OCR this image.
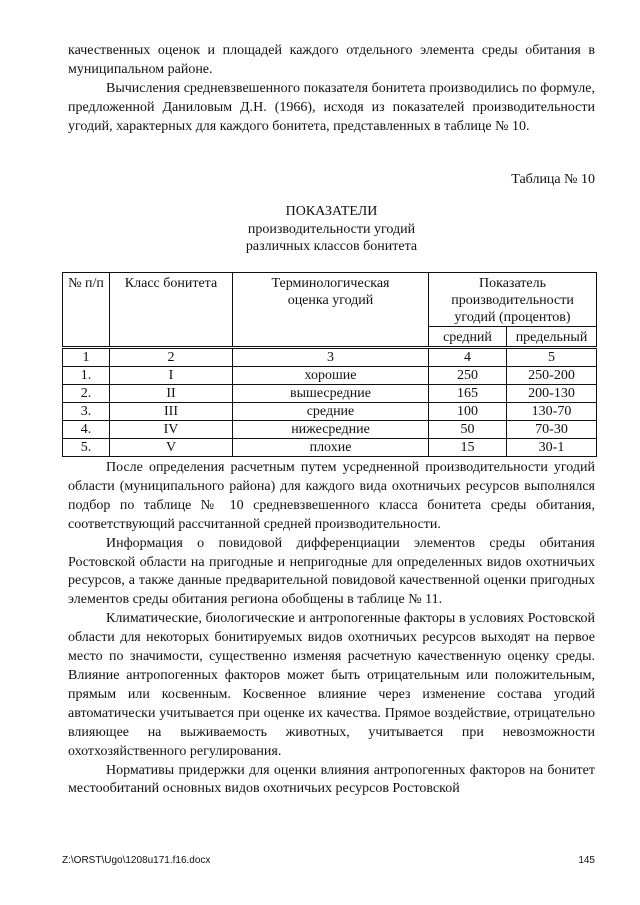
качественных оценок и площадей каждого отдельного элемента среды обитания в муниципальном районе.

Вычисления средневзвешенного показателя бонитета производились по формуле, предложенной Даниловым Д.Н. (1966), исходя из показателей производительности угодий, характерных для каждого бонитета, представленных в таблице № 10.

Таблица № 10
ПОКАЗАТЕЛИ
производительности угодий
различных классов бонитета
№ п/п	Класс бонитета	Терминологическая оценка угодий	Показатель производительности угодий (процентов)	
			средний	предельный
1	2	3	4	5
1.	I	хорошие	250	250-200
2.	II	вышесредние	165	200-130
3.	III	средние	100	130-70
4.	IV	нижесредние	50	70-30
5.	V	плохие	15	30-1

После определения расчетным путем усредненной производительности угодий области (муниципального района) для каждого вида охотничьих ресурсов выполнялся подбор по таблице № 10 средневзвешенного класса бонитета среды обитания, соответствующий рассчитанной средней производительности.

Информация о повидовой дифференциации элементов среды обитания Ростовской области на пригодные и непригодные для определенных видов охотничьих ресурсов, а также данные предварительной повидовой качественной оценки пригодных элементов среды обитания региона обобщены в таблице № 11.

Климатические, биологические и антропогенные факторы в условиях Ростовской области для некоторых бонитируемых видов охотничьих ресурсов выходят на первое место по значимости, существенно изменяя расчетную качественную оценку среды. Влияние антропогенных факторов может быть отрицательным или положительным, прямым или косвенным. Косвенное влияние через изменение состава угодий автоматически учитывается при оценке их качества. Прямое воздействие, отрицательно влияющее на выживаемость животных, учитывается при невозможности охотхозяйственного регулирования.

Нормативы придержки для оценки влияния антропогенных факторов на бонитет местообитаний основных видов охотничьих ресурсов Ростовской

Z:\ORST\Ugo\1208u171.f16.docx	145
